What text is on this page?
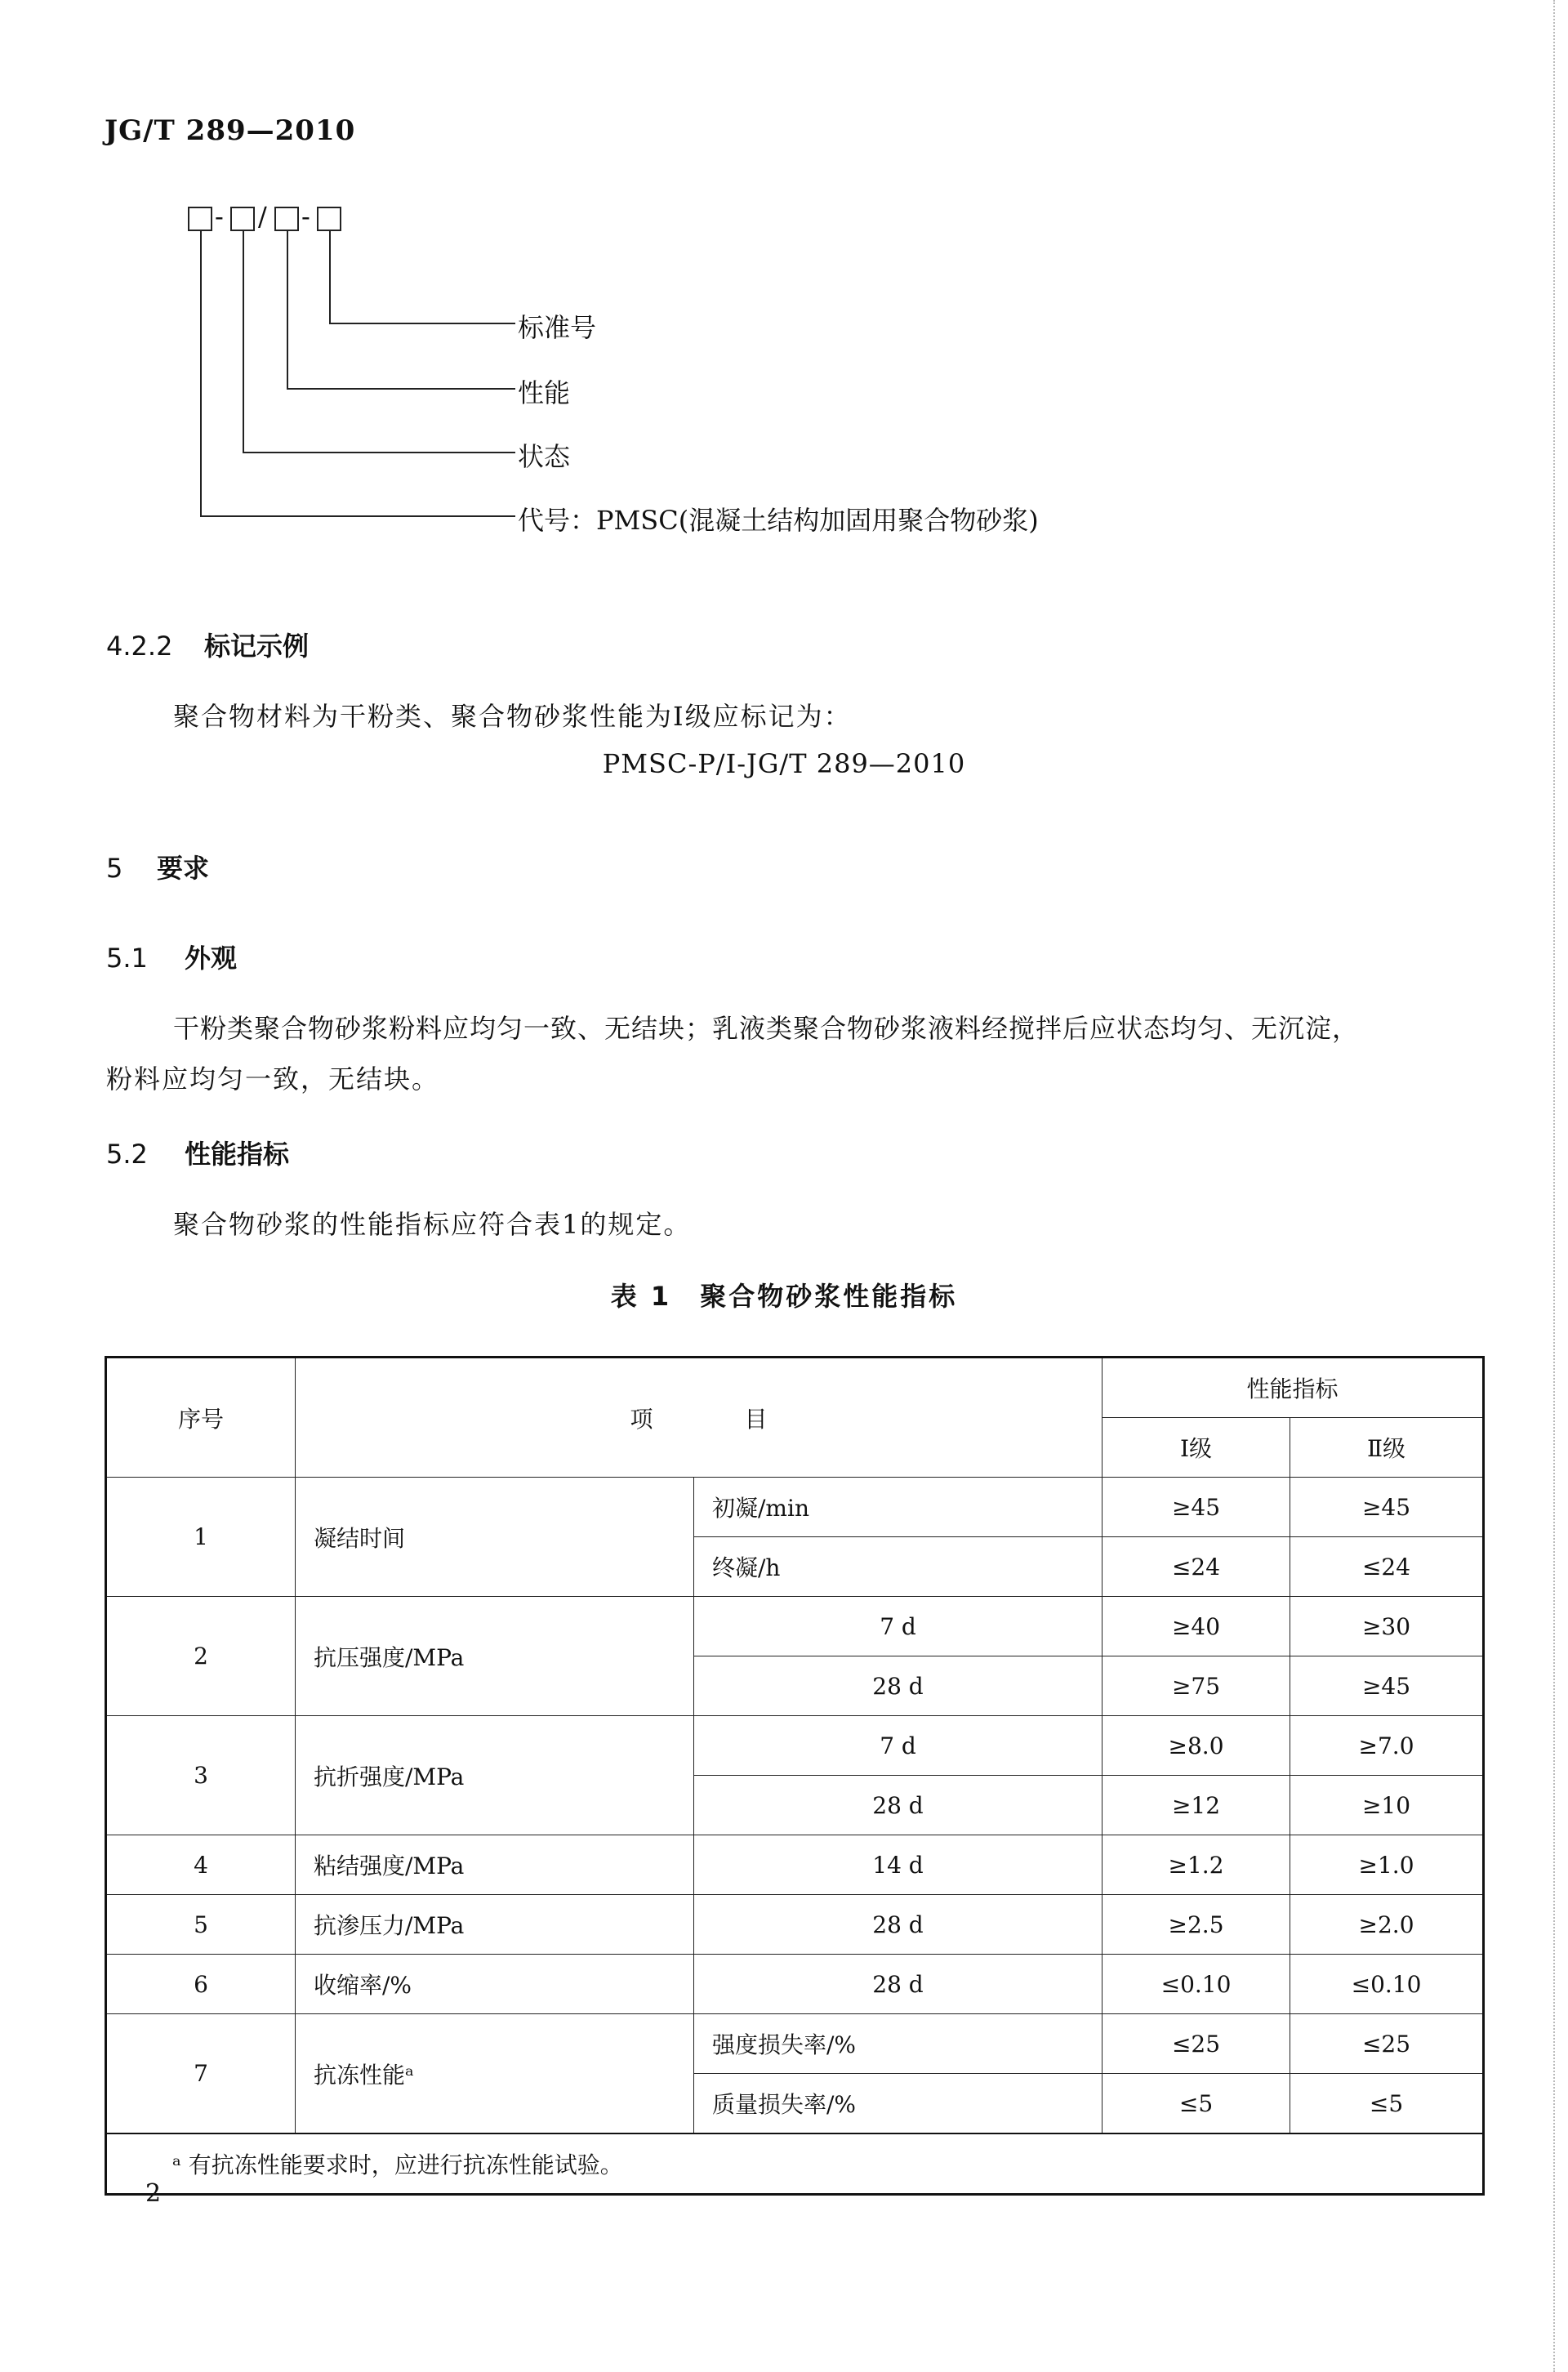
JG/T 289—2010
- / -
标准号
性能
状态
代号：PMSC(混凝土结构加固用聚合物砂浆)
4.2.2 标记示例
聚合物材料为干粉类、聚合物砂浆性能为Ⅰ级应标记为：
PMSC-P/Ⅰ-JG/T 289—2010
5 要求
5.1 外观
干粉类聚合物砂浆粉料应均匀一致、无结块；乳液类聚合物砂浆液料经搅拌后应状态均匀、无沉淀，
粉料应均匀一致，无结块。
5.2 性能指标
聚合物砂浆的性能指标应符合表1的规定。
表 1　聚合物砂浆性能指标
序号	项　　　　目		性能指标	
			Ⅰ级	Ⅱ级
1	凝结时间	初凝/min	≥45	≥45
		终凝/h	≤24	≤24
2	抗压强度/MPa	7 d	≥40	≥30
		28 d	≥75	≥45
3	抗折强度/MPa	7 d	≥8.0	≥7.0
		28 d	≥12	≥10
4	粘结强度/MPa	14 d	≥1.2	≥1.0
5	抗渗压力/MPa	28 d	≥2.5	≥2.0
6	收缩率/%	28 d	≤0.10	≤0.10
7	抗冻性能ᵃ	强度损失率/%	≤25	≤25
		质量损失率/%	≤5	≤5
ᵃ 有抗冻性能要求时，应进行抗冻性能试验。				
2
